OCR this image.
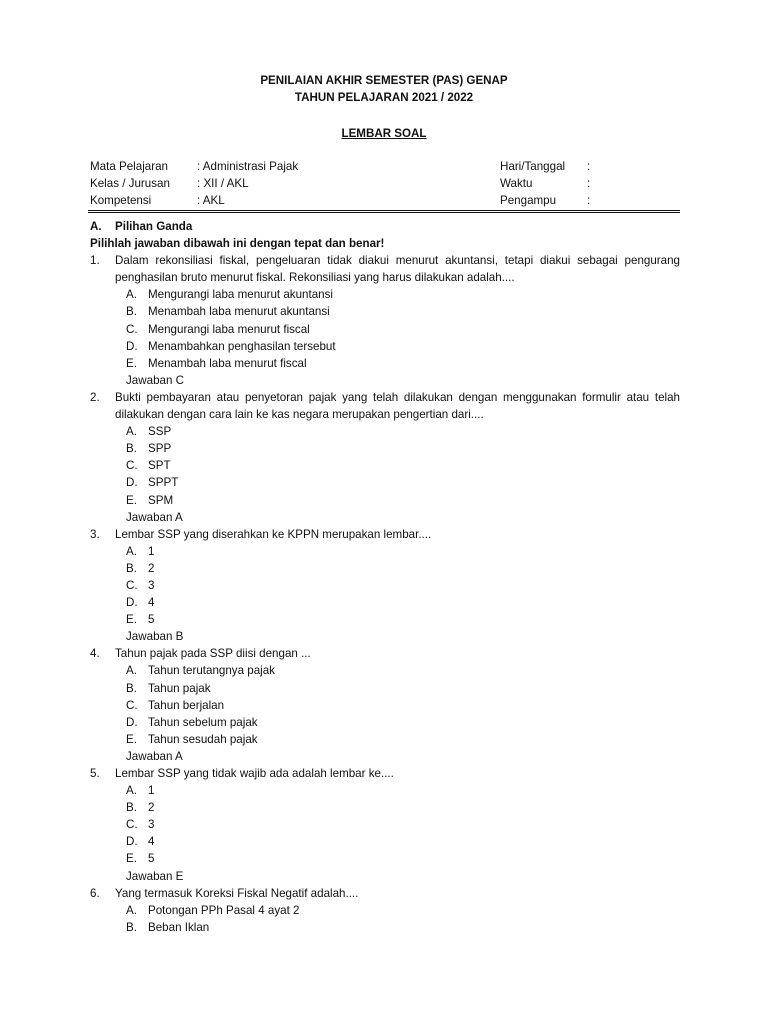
PENILAIAN AKHIR SEMESTER (PAS) GENAP
TAHUN PELAJARAN 2021 / 2022
LEMBAR SOAL
Mata Pelajaran	: Administrasi Pajak	Hari/Tanggal :
Kelas / Jurusan : XII / AKL	Waktu	:
Kompetensi	: AKL	Pengampu	:
A.	Pilihan Ganda
Pilihlah jawaban dibawah ini dengan tepat dan benar!
1. Dalam rekonsiliasi fiskal, pengeluaran tidak diakui menurut akuntansi, tetapi diakui sebagai pengurang penghasilan bruto menurut fiskal. Rekonsiliasi yang harus dilakukan adalah....
A. Mengurangi laba menurut akuntansi
B. Menambah laba menurut akuntansi
C. Mengurangi laba menurut fiscal
D. Menambahkan penghasilan tersebut
E. Menambah laba menurut fiscal
Jawaban C
2. Bukti pembayaran atau penyetoran pajak yang telah dilakukan dengan menggunakan formulir atau telah dilakukan dengan cara lain ke kas negara merupakan pengertian dari....
A. SSP
B. SPP
C. SPT
D. SPPT
E. SPM
Jawaban A
3. Lembar SSP yang diserahkan ke KPPN merupakan lembar....
A. 1
B. 2
C. 3
D. 4
E. 5
Jawaban B
4. Tahun pajak pada SSP diisi dengan ...
A. Tahun terutangnya pajak
B. Tahun pajak
C. Tahun berjalan
D. Tahun sebelum pajak
E. Tahun sesudah pajak
Jawaban A
5. Lembar SSP yang tidak wajib ada adalah lembar ke....
A. 1
B. 2
C. 3
D. 4
E. 5
Jawaban E
6. Yang termasuk Koreksi Fiskal Negatif adalah....
A. Potongan PPh Pasal 4 ayat 2
B. Beban Iklan
